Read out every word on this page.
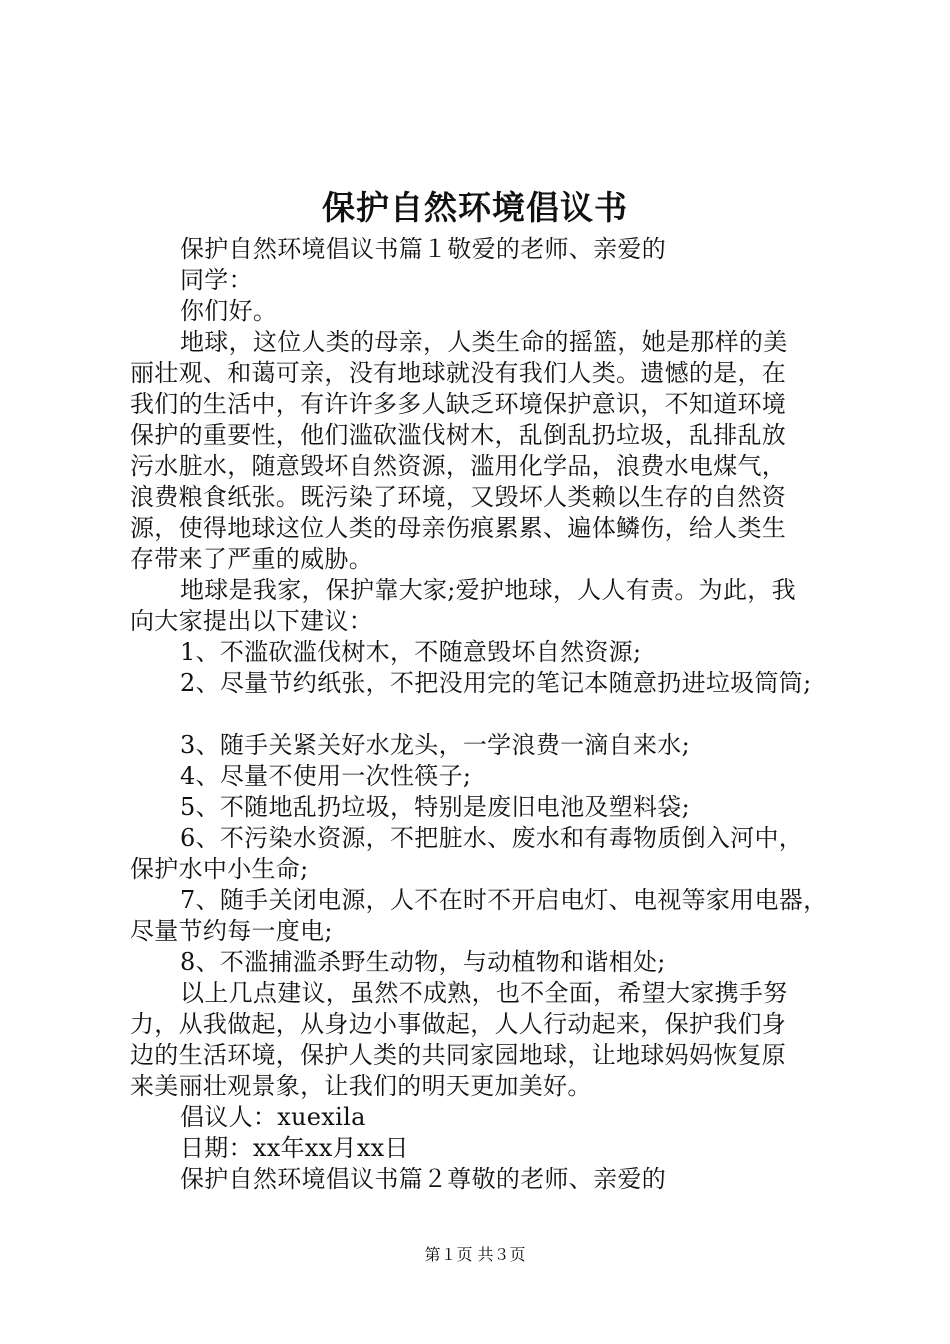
保护自然环境倡议书
保护自然环境倡议书篇１敬爱的老师、亲爱的
同学：
你们好。
地球，这位人类的母亲，人类生命的摇篮，她是那样的美
丽壮观、和蔼可亲，没有地球就没有我们人类。遗憾的是，在
我们的生活中，有许许多多人缺乏环境保护意识，不知道环境
保护的重要性，他们滥砍滥伐树木，乱倒乱扔垃圾，乱排乱放
污水脏水，随意毁坏自然资源，滥用化学品，浪费水电煤气，
浪费粮食纸张。既污染了环境，又毁坏人类赖以生存的自然资
源，使得地球这位人类的母亲伤痕累累、遍体鳞伤，给人类生
存带来了严重的威胁。
地球是我家，保护靠大家;爱护地球，人人有责。为此，我
向大家提出以下建议：
1、不滥砍滥伐树木，不随意毁坏自然资源;
2、尽量节约纸张，不把没用完的笔记本随意扔进垃圾筒筒;
3、随手关紧关好水龙头，一学浪费一滴自来水;
4、尽量不使用一次性筷子;
5、不随地乱扔垃圾，特别是废旧电池及塑料袋;
6、不污染水资源，不把脏水、废水和有毒物质倒入河中，
保护水中小生命;
7、随手关闭电源，人不在时不开启电灯、电视等家用电器，
尽量节约每一度电;
8、不滥捕滥杀野生动物，与动植物和谐相处;
以上几点建议，虽然不成熟，也不全面，希望大家携手努
力，从我做起，从身边小事做起，人人行动起来，保护我们身
边的生活环境，保护人类的共同家园地球，让地球妈妈恢复原
来美丽壮观景象，让我们的明天更加美好。
倡议人：xuexila
日期：xx年xx月xx日
保护自然环境倡议书篇２尊敬的老师、亲爱的
第１页 共３页
